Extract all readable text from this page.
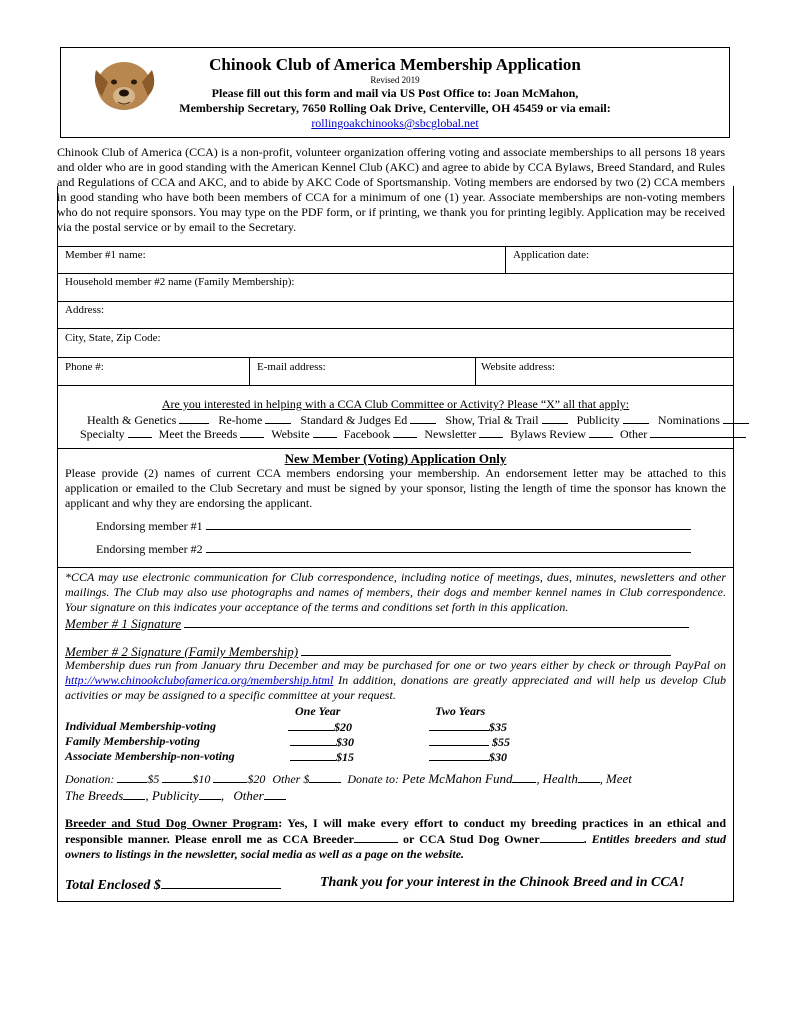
Chinook Club of America Membership Application
Revised 2019
Please fill out this form and mail via US Post Office to: Joan McMahon,
Membership Secretary, 7650 Rolling Oak Drive, Centerville, OH 45459 or via email:
rollingoakchinooks@sbcglobal.net
Chinook Club of America (CCA) is a non-profit, volunteer organization offering voting and associate memberships to all persons 18 years and older who are in good standing with the American Kennel Club (AKC) and agree to abide by CCA Bylaws, Breed Standard, and Rules and Regulations of CCA and AKC, and to abide by AKC Code of Sportsmanship. Voting members are endorsed by two (2) CCA members in good standing who have both been members of CCA for a minimum of one (1) year. Associate memberships are non-voting members who do not require sponsors. You may type on the PDF form, or if printing, we thank you for printing legibly. Application may be received via the postal service or by email to the Secretary.
Member #1 name:	Application date:
Household member #2 name (Family Membership):
Address:
City, State, Zip Code:
Phone #:	E-mail address:	Website address:
Are you interested in helping with a CCA Club Committee or Activity? Please “X” all that apply:
Health & Genetics	Re-home	Standard & Judges Ed	Show, Trial & Trail	Publicity	Nominations
Specialty	Meet the Breeds	Website	Facebook	Newsletter	Bylaws Review	Other
New Member (Voting) Application Only
Please provide (2) names of current CCA members endorsing your membership. An endorsement letter may be attached to this application or emailed to the Club Secretary and must be signed by your sponsor, listing the length of time the sponsor has known the applicant and why they are endorsing the applicant.
Endorsing member #1
Endorsing member #2
*CCA may use electronic communication for Club correspondence, including notice of meetings, dues, minutes, newsletters and other mailings. The Club may also use photographs and names of members, their dogs and member kennel names in Club correspondence. Your signature on this indicates your acceptance of the terms and conditions set forth in this application.
Member # 1 Signature
Member # 2 Signature (Family Membership)
Membership dues run from January thru December and may be purchased for one or two years either by check or through PayPal on http://www.chinookclubofamerica.org/membership.html In addition, donations are greatly appreciated and will help us develop Club activities or may be assigned to a specific committee at your request.
One Year	Two Years
Individual Membership-voting	$20	$35
Family Membership-voting	$30	$55
Associate Membership-non-voting	$15	$30
Donation:	$5	$10	$20 Other $	Donate to: Pete McMahon Fund , Health , Meet
The Breeds , Publicity , Other
Breeder and Stud Dog Owner Program: Yes, I will make every effort to conduct my breeding practices in an ethical and responsible manner. Please enroll me as CCA Breeder	or CCA Stud Dog Owner	. Entitles breeders and stud owners to listings in the newsletter, social media as well as a page on the website.
Total Enclosed $	Thank you for your interest in the Chinook Breed and in CCA!
